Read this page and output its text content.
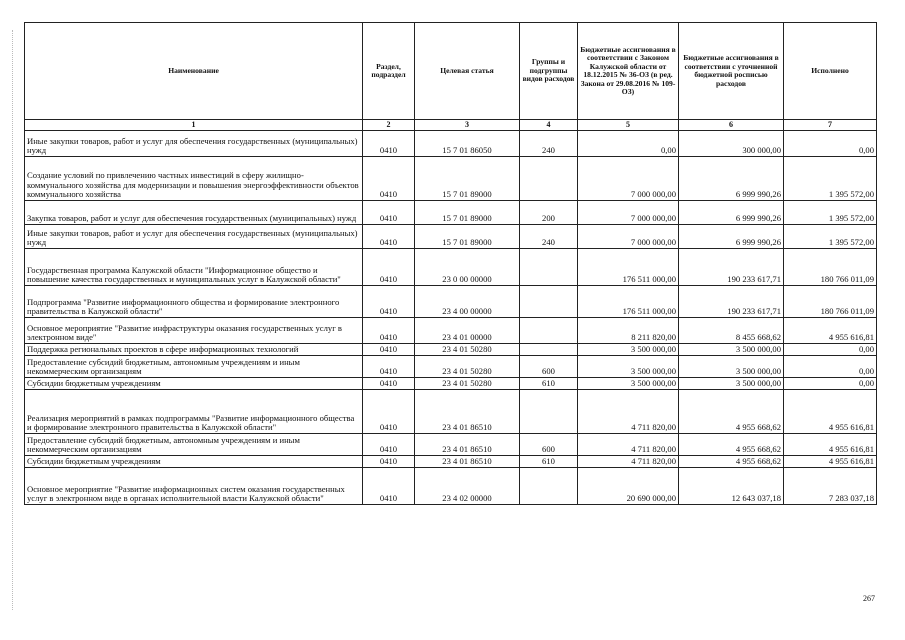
Наименование	Раздел, подраздел	Целевая статья	Группы и подгруппы видов расходов	Бюджетные ассигнования в соответствии с Законом Калужской области от 18.12.2015 № 36-ОЗ (в ред. Закона от 29.08.2016 № 109-ОЗ)	Бюджетные ассигнования в соответствии с уточненной бюджетной росписью расходов	Исполнено
1	2	3	4	5	6	7
Иные закупки товаров, работ и услуг для обеспечения государственных (муниципальных) нужд	0410	15 7 01 86050	240	0,00	300 000,00	0,00
Создание условий по привлечению частных инвестиций в сферу жилищно-коммунального хозяйства для модернизации и повышения энергоэффективности объектов коммунального хозяйства	0410	15 7 01 89000		7 000 000,00	6 999 990,26	1 395 572,00
Закупка товаров, работ и услуг для обеспечения государственных (муниципальных) нужд	0410	15 7 01 89000	200	7 000 000,00	6 999 990,26	1 395 572,00
Иные закупки товаров, работ и услуг для обеспечения государственных (муниципальных) нужд	0410	15 7 01 89000	240	7 000 000,00	6 999 990,26	1 395 572,00
Государственная программа Калужской области "Информационное общество и повышение качества государственных и муниципальных услуг в Калужской области"	0410	23 0 00 00000		176 511 000,00	190 233 617,71	180 766 011,09
Подпрограмма "Развитие информационного общества и формирование электронного правительства в Калужской области"	0410	23 4 00 00000		176 511 000,00	190 233 617,71	180 766 011,09
Основное мероприятие "Развитие инфраструктуры оказания государственных услуг в электронном виде"	0410	23 4 01 00000		8 211 820,00	8 455 668,62	4 955 616,81
Поддержка региональных проектов в сфере информационных технологий	0410	23 4 01 50280		3 500 000,00	3 500 000,00	0,00
Предоставление субсидий бюджетным, автономным учреждениям и иным некоммерческим организациям	0410	23 4 01 50280	600	3 500 000,00	3 500 000,00	0,00
Субсидии бюджетным учреждениям	0410	23 4 01 50280	610	3 500 000,00	3 500 000,00	0,00
Реализация мероприятий в рамках подпрограммы "Развитие информационного общества и формирование электронного правительства в Калужской области"	0410	23 4 01 86510		4 711 820,00	4 955 668,62	4 955 616,81
Предоставление субсидий бюджетным, автономным учреждениям и иным некоммерческим организациям	0410	23 4 01 86510	600	4 711 820,00	4 955 668,62	4 955 616,81
Субсидии бюджетным учреждениям	0410	23 4 01 86510	610	4 711 820,00	4 955 668,62	4 955 616,81
Основное мероприятие "Развитие информационных систем оказания государственных услуг в электронном виде в органах исполнительной власти Калужской области"	0410	23 4 02 00000		20 690 000,00	12 643 037,18	7 283 037,18
267
